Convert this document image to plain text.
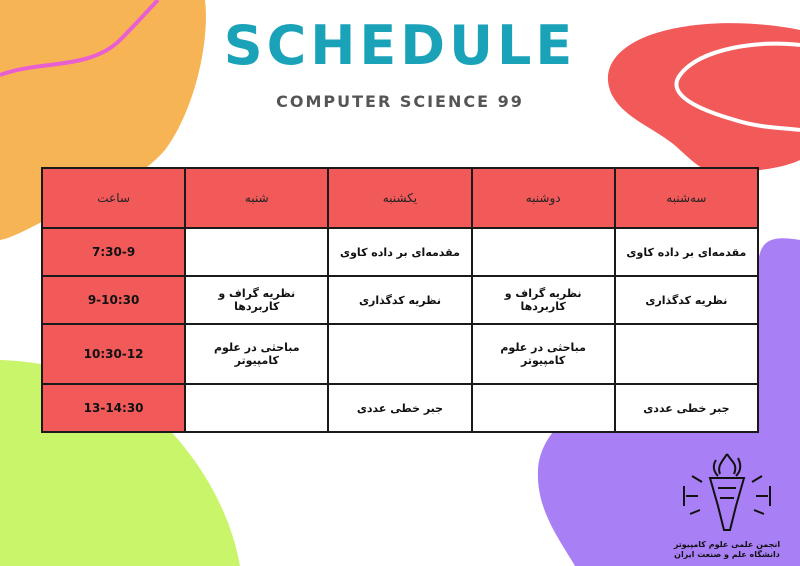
SCHEDULE
COMPUTER SCIENCE 99
ساعت	شنبه	یکشنبه	دوشنبه	سه‌شنبه
7:30-9		مقدمه‌ای بر داده کاوی		مقدمه‌ای بر داده کاوی
9-10:30	نظریه گراف و کاربردها	نظریه کدگذاری	نظریه گراف و کاربردها	نظریه کدگذاری
10:30-12	مباحثی در علوم کامپیوتر		مباحثی در علوم کامپیوتر	
13-14:30		جبر خطی عددی		جبر خطی عددی
انجمن علمی علوم کامپیوتر
دانشگاه علم و صنعت ایران
